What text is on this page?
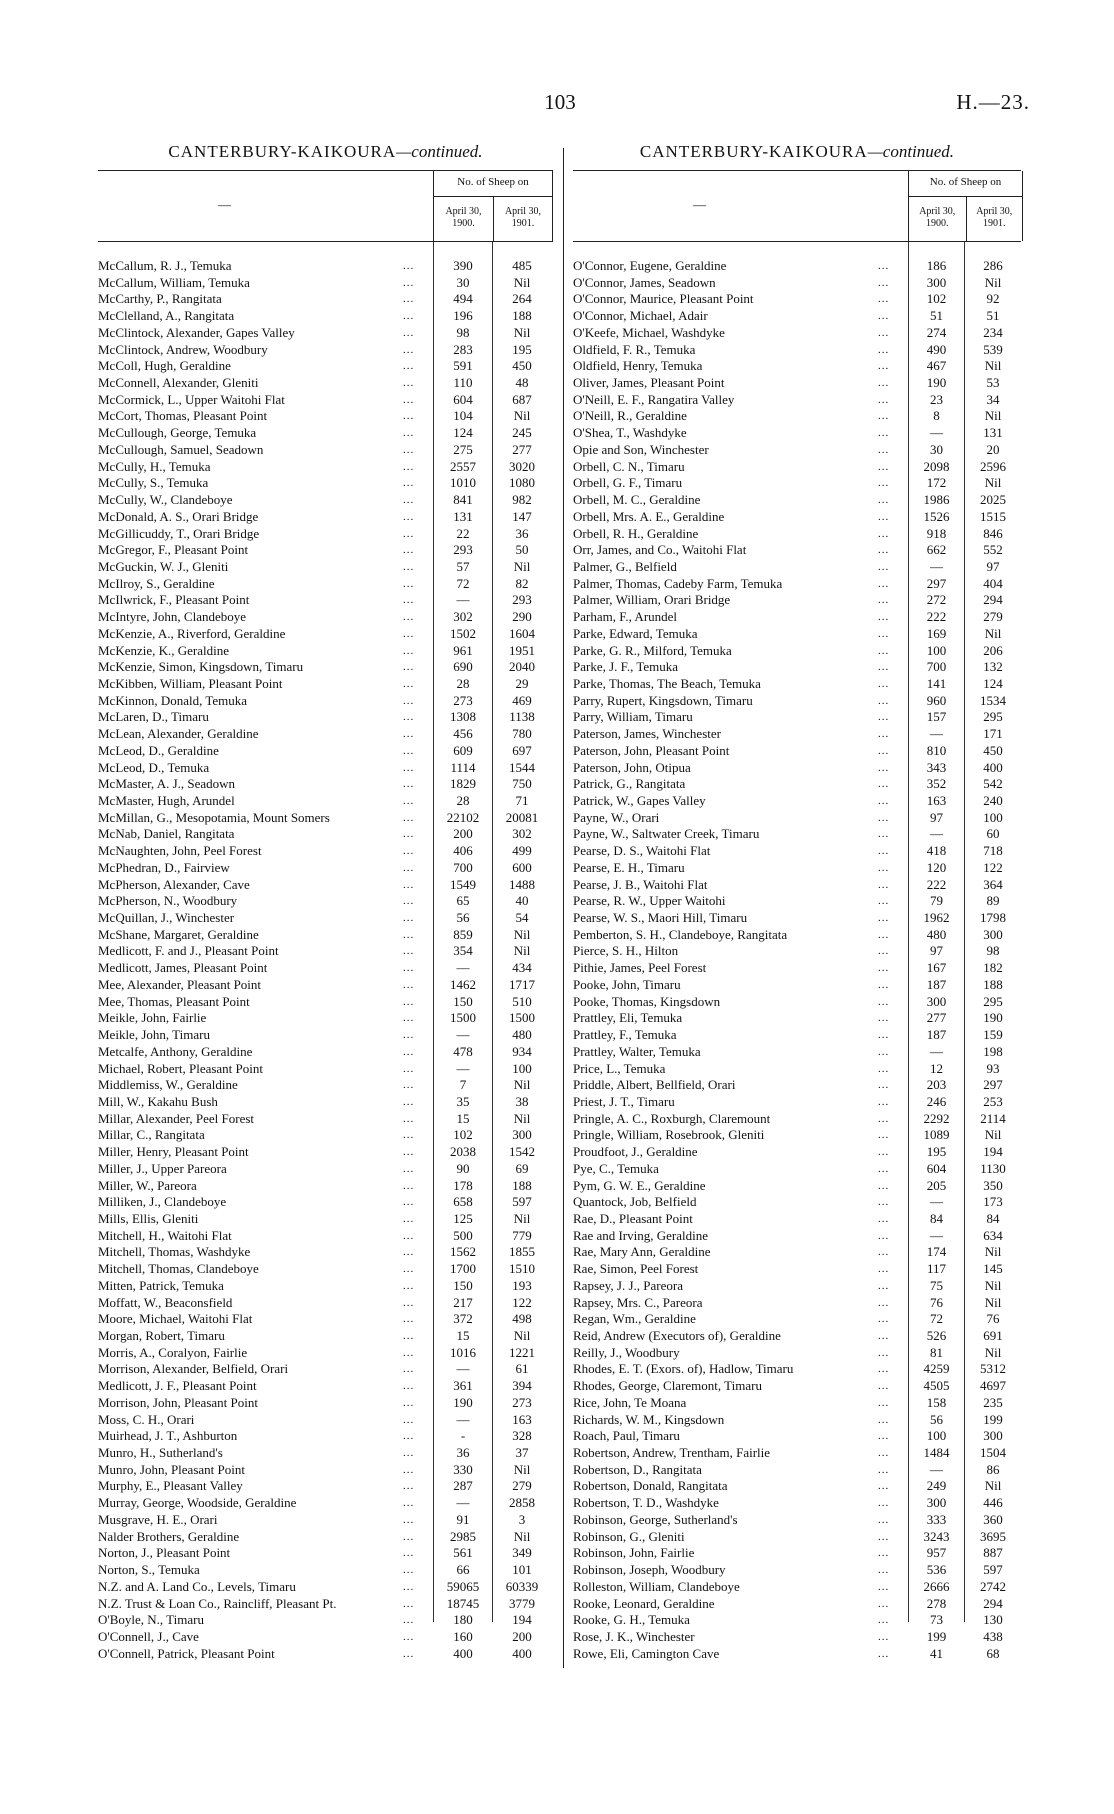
103	H.—23.
CANTERBURY-KAIKOURA—continued.
—
No. of Sheep on
April 30,
1900.
April 30,
1901.
McCallum, R. J., Temuka	...	390	485
McCallum, William, Temuka	...	30	Nil
McCarthy, P., Rangitata	...	494	264
McClelland, A., Rangitata	...	196	188
McClintock, Alexander, Gapes Valley	...	98	Nil
McClintock, Andrew, Woodbury	...	283	195
McColl, Hugh, Geraldine	...	591	450
McConnell, Alexander, Gleniti	...	110	48
McCormick, L., Upper Waitohi Flat	...	604	687
McCort, Thomas, Pleasant Point	...	104	Nil
McCullough, George, Temuka	...	124	245
McCullough, Samuel, Seadown	...	275	277
McCully, H., Temuka	...	2557	3020
McCully, S., Temuka	...	1010	1080
McCully, W., Clandeboye	...	841	982
McDonald, A. S., Orari Bridge	...	131	147
McGillicuddy, T., Orari Bridge	...	22	36
McGregor, F., Pleasant Point	...	293	50
McGuckin, W. J., Gleniti	...	57	Nil
McIlroy, S., Geraldine	...	72	82
McIlwrick, F., Pleasant Point	...	—	293
McIntyre, John, Clandeboye	...	302	290
McKenzie, A., Riverford, Geraldine	...	1502	1604
McKenzie, K., Geraldine	...	961	1951
McKenzie, Simon, Kingsdown, Timaru	...	690	2040
McKibben, William, Pleasant Point	...	28	29
McKinnon, Donald, Temuka	...	273	469
McLaren, D., Timaru	...	1308	1138
McLean, Alexander, Geraldine	...	456	780
McLeod, D., Geraldine	...	609	697
McLeod, D., Temuka	...	1114	1544
McMaster, A. J., Seadown	...	1829	750
McMaster, Hugh, Arundel	...	28	71
McMillan, G., Mesopotamia, Mount Somers	...	22102	20081
McNab, Daniel, Rangitata	...	200	302
McNaughten, John, Peel Forest	...	406	499
McPhedran, D., Fairview	...	700	600
McPherson, Alexander, Cave	...	1549	1488
McPherson, N., Woodbury	...	65	40
McQuillan, J., Winchester	...	56	54
McShane, Margaret, Geraldine	...	859	Nil
Medlicott, F. and J., Pleasant Point	...	354	Nil
Medlicott, James, Pleasant Point	...	—	434
Mee, Alexander, Pleasant Point	...	1462	1717
Mee, Thomas, Pleasant Point	...	150	510
Meikle, John, Fairlie	...	1500	1500
Meikle, John, Timaru	...	—	480
Metcalfe, Anthony, Geraldine	...	478	934
Michael, Robert, Pleasant Point	...	—	100
Middlemiss, W., Geraldine	...	7	Nil
Mill, W., Kakahu Bush	...	35	38
Millar, Alexander, Peel Forest	...	15	Nil
Millar, C., Rangitata	...	102	300
Miller, Henry, Pleasant Point	...	2038	1542
Miller, J., Upper Pareora	...	90	69
Miller, W., Pareora	...	178	188
Milliken, J., Clandeboye	...	658	597
Mills, Ellis, Gleniti	...	125	Nil
Mitchell, H., Waitohi Flat	...	500	779
Mitchell, Thomas, Washdyke	...	1562	1855
Mitchell, Thomas, Clandeboye	...	1700	1510
Mitten, Patrick, Temuka	...	150	193
Moffatt, W., Beaconsfield	...	217	122
Moore, Michael, Waitohi Flat	...	372	498
Morgan, Robert, Timaru	...	15	Nil
Morris, A., Coralyon, Fairlie	...	1016	1221
Morrison, Alexander, Belfield, Orari	...	—	61
Medlicott, J. F., Pleasant Point	...	361	394
Morrison, John, Pleasant Point	...	190	273
Moss, C. H., Orari	...	—	163
Muirhead, J. T., Ashburton	...	-	328
Munro, H., Sutherland's	...	36	37
Munro, John, Pleasant Point	...	330	Nil
Murphy, E., Pleasant Valley	...	287	279
Murray, George, Woodside, Geraldine	...	—	2858
Musgrave, H. E., Orari	...	91	3
Nalder Brothers, Geraldine	...	2985	Nil
Norton, J., Pleasant Point	...	561	349
Norton, S., Temuka	...	66	101
N.Z. and A. Land Co., Levels, Timaru	...	59065	60339
N.Z. Trust & Loan Co., Raincliff, Pleasant Pt.	...	18745	3779
O'Boyle, N., Timaru	...	180	194
O'Connell, J., Cave	...	160	200
O'Connell, Patrick, Pleasant Point	...	400	400
CANTERBURY-KAIKOURA—continued.
—
No. of Sheep on
April 30,
1900.
April 30,
1901.
O'Connor, Eugene, Geraldine	...	186	286
O'Connor, James, Seadown	...	300	Nil
O'Connor, Maurice, Pleasant Point	...	102	92
O'Connor, Michael, Adair	...	51	51
O'Keefe, Michael, Washdyke	...	274	234
Oldfield, F. R., Temuka	...	490	539
Oldfield, Henry, Temuka	...	467	Nil
Oliver, James, Pleasant Point	...	190	53
O'Neill, E. F., Rangatira Valley	...	23	34
O'Neill, R., Geraldine	...	8	Nil
O'Shea, T., Washdyke	...	—	131
Opie and Son, Winchester	...	30	20
Orbell, C. N., Timaru	...	2098	2596
Orbell, G. F., Timaru	...	172	Nil
Orbell, M. C., Geraldine	...	1986	2025
Orbell, Mrs. A. E., Geraldine	...	1526	1515
Orbell, R. H., Geraldine	...	918	846
Orr, James, and Co., Waitohi Flat	...	662	552
Palmer, G., Belfield	...	—	97
Palmer, Thomas, Cadeby Farm, Temuka	...	297	404
Palmer, William, Orari Bridge	...	272	294
Parham, F., Arundel	...	222	279
Parke, Edward, Temuka	...	169	Nil
Parke, G. R., Milford, Temuka	...	100	206
Parke, J. F., Temuka	...	700	132
Parke, Thomas, The Beach, Temuka	...	141	124
Parry, Rupert, Kingsdown, Timaru	...	960	1534
Parry, William, Timaru	...	157	295
Paterson, James, Winchester	...	—	171
Paterson, John, Pleasant Point	...	810	450
Paterson, John, Otipua	...	343	400
Patrick, G., Rangitata	...	352	542
Patrick, W., Gapes Valley	...	163	240
Payne, W., Orari	...	97	100
Payne, W., Saltwater Creek, Timaru	...	—	60
Pearse, D. S., Waitohi Flat	...	418	718
Pearse, E. H., Timaru	...	120	122
Pearse, J. B., Waitohi Flat	...	222	364
Pearse, R. W., Upper Waitohi	...	79	89
Pearse, W. S., Maori Hill, Timaru	...	1962	1798
Pemberton, S. H., Clandeboye, Rangitata	...	480	300
Pierce, S. H., Hilton	...	97	98
Pithie, James, Peel Forest	...	167	182
Pooke, John, Timaru	...	187	188
Pooke, Thomas, Kingsdown	...	300	295
Prattley, Eli, Temuka	...	277	190
Prattley, F., Temuka	...	187	159
Prattley, Walter, Temuka	...	—	198
Price, L., Temuka	...	12	93
Priddle, Albert, Bellfield, Orari	...	203	297
Priest, J. T., Timaru	...	246	253
Pringle, A. C., Roxburgh, Claremount	...	2292	2114
Pringle, William, Rosebrook, Gleniti	...	1089	Nil
Proudfoot, J., Geraldine	...	195	194
Pye, C., Temuka	...	604	1130
Pym, G. W. E., Geraldine	...	205	350
Quantock, Job, Belfield	...	—	173
Rae, D., Pleasant Point	...	84	84
Rae and Irving, Geraldine	...	—	634
Rae, Mary Ann, Geraldine	...	174	Nil
Rae, Simon, Peel Forest	...	117	145
Rapsey, J. J., Pareora	...	75	Nil
Rapsey, Mrs. C., Pareora	...	76	Nil
Regan, Wm., Geraldine	...	72	76
Reid, Andrew (Executors of), Geraldine	...	526	691
Reilly, J., Woodbury	...	81	Nil
Rhodes, E. T. (Exors. of), Hadlow, Timaru	...	4259	5312
Rhodes, George, Claremont, Timaru	...	4505	4697
Rice, John, Te Moana	...	158	235
Richards, W. M., Kingsdown	...	56	199
Roach, Paul, Timaru	...	100	300
Robertson, Andrew, Trentham, Fairlie	...	1484	1504
Robertson, D., Rangitata	...	—	86
Robertson, Donald, Rangitata	...	249	Nil
Robertson, T. D., Washdyke	...	300	446
Robinson, George, Sutherland's	...	333	360
Robinson, G., Gleniti	...	3243	3695
Robinson, John, Fairlie	...	957	887
Robinson, Joseph, Woodbury	...	536	597
Rolleston, William, Clandeboye	...	2666	2742
Rooke, Leonard, Geraldine	...	278	294
Rooke, G. H., Temuka	...	73	130
Rose, J. K., Winchester	...	199	438
Rowe, Eli, Camington Cave	...	41	68
